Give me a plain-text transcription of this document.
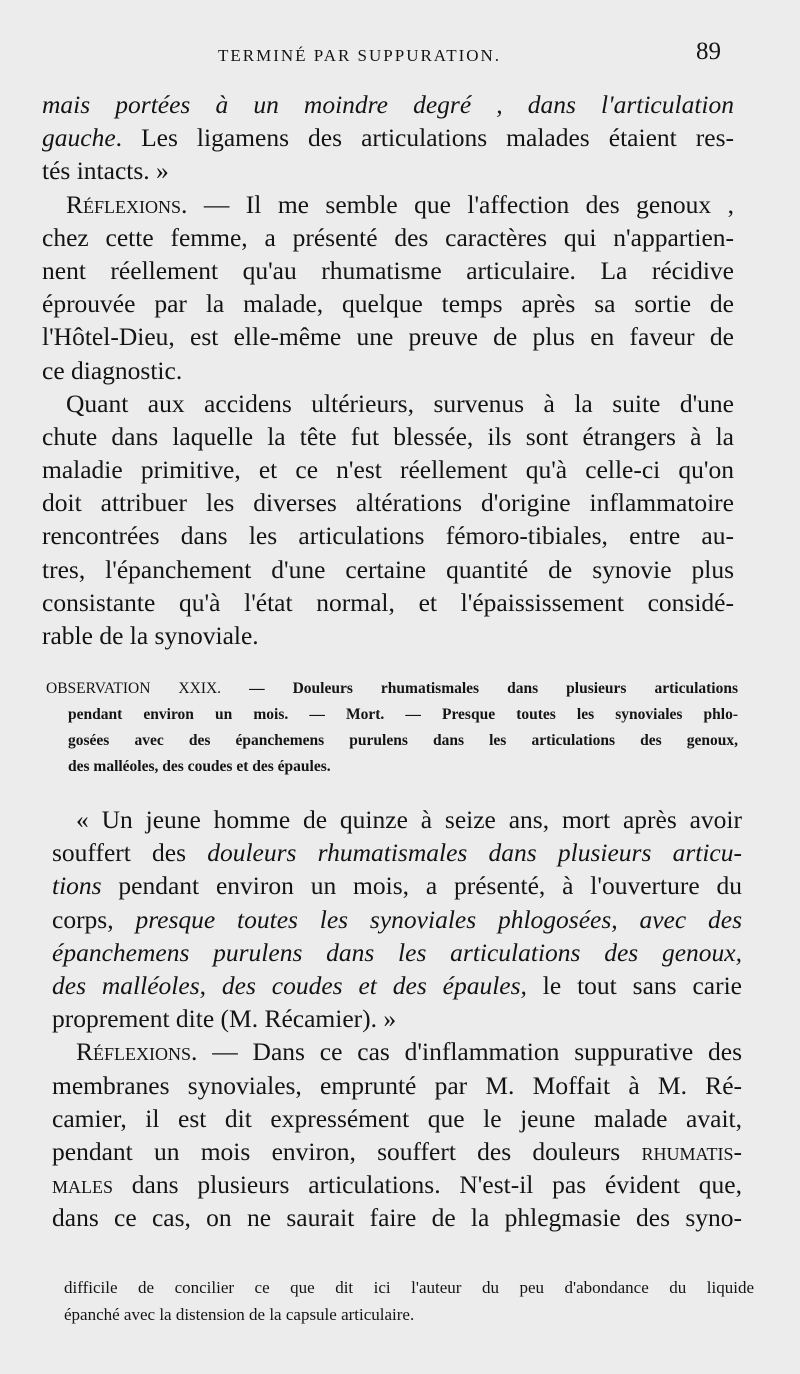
TERMINÉ PAR SUPPURATION.	89
mais portées à un moindre degré , dans l'articulation
gauche. Les ligamens des articulations malades étaient res-
tés intacts. »
Réflexions. — Il me semble que l'affection des genoux ,
chez cette femme, a présenté des caractères qui n'appartien-
nent réellement qu'au rhumatisme articulaire. La récidive
éprouvée par la malade, quelque temps après sa sortie de
l'Hôtel-Dieu, est elle-même une preuve de plus en faveur de
ce diagnostic.
Quant aux accidens ultérieurs, survenus à la suite d'une
chute dans laquelle la tête fut blessée, ils sont étrangers à la
maladie primitive, et ce n'est réellement qu'à celle-ci qu'on
doit attribuer les diverses altérations d'origine inflammatoire
rencontrées dans les articulations fémoro-tibiales, entre au-
tres, l'épanchement d'une certaine quantité de synovie plus
consistante qu'à l'état normal, et l'épaississement considé-
rable de la synoviale.
OBSERVATION XXIX. — Douleurs rhumatismales dans plusieurs articulations
pendant environ un mois. — Mort. — Presque toutes les synoviales phlo-
gosées avec des épanchemens purulens dans les articulations des genoux,
des malléoles, des coudes et des épaules.
« Un jeune homme de quinze à seize ans, mort après avoir
souffert des douleurs rhumatismales dans plusieurs articu-
tions pendant environ un mois, a présenté, à l'ouverture du
corps, presque toutes les synoviales phlogosées, avec des
épanchemens purulens dans les articulations des genoux,
des malléoles, des coudes et des épaules, le tout sans carie
proprement dite (M. Récamier). »
Réflexions. — Dans ce cas d'inflammation suppurative des
membranes synoviales, emprunté par M. Moffait à M. Ré-
camier, il est dit expressément que le jeune malade avait,
pendant un mois environ, souffert des douleurs rhumatis-
males dans plusieurs articulations. N'est-il pas évident que,
dans ce cas, on ne saurait faire de la phlegmasie des syno-
difficile de concilier ce que dit ici l'auteur du peu d'abondance du liquide
épanché avec la distension de la capsule articulaire.
